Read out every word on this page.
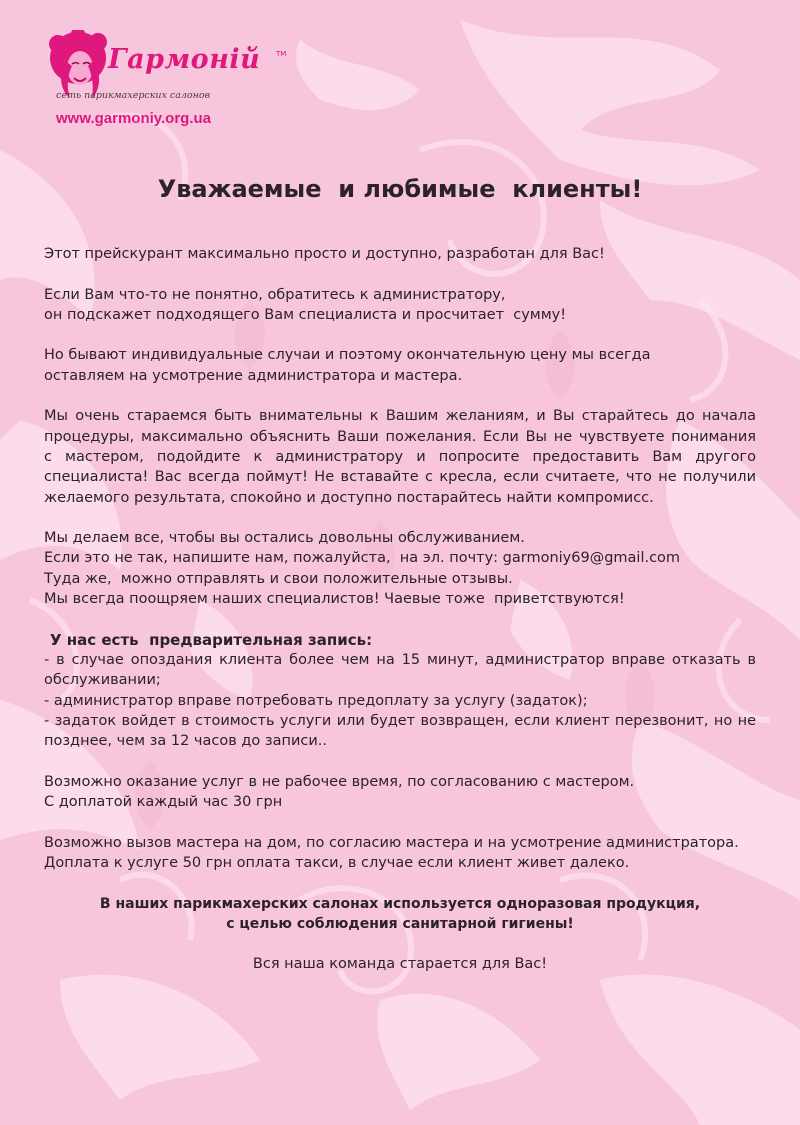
Гармоній TM
сеть парикмахерских салонов
www.garmoniy.org.ua
Уважаемые  и любимые  клиенты!
Этот прейскурант максимально просто и доступно, разработан для Вас!
Если Вам что-то не понятно, обратитесь к администратору,
он подскажет подходящего Вам специалиста и просчитает  сумму!
Но бывают индивидуальные случаи и поэтому окончательную цену мы всегда
оставляем на усмотрение администратора и мастера.
Мы очень стараемся быть внимательны к Вашим желаниям, и Вы старайтесь до начала
процедуры, максимально объяснить Ваши пожелания. Если Вы не чувствуете понимания
с мастером, подойдите к администратору и попросите предоставить Вам другого
специалиста! Вас всегда поймут! Не вставайте с кресла, если считаете, что не получили
желаемого результата, спокойно и доступно постарайтесь найти компромисс.
Мы делаем все, чтобы вы остались довольны обслуживанием.
Если это не так, напишите нам, пожалуйста,  на эл. почту: garmoniy69@gmail.com
Туда же,  можно отправлять и свои положительные отзывы.
Мы всегда поощряем наших специалистов! Чаевые тоже  приветствуются!
У нас есть  предварительная запись:
- в случае опоздания клиента более чем на 15 минут, администратор вправе отказать в
обслуживании;
- администратор вправе потребовать предоплату за услугу (задаток);
- задаток войдет в стоимость услуги или будет возвращен, если клиент перезвонит, но не
позднее, чем за 12 часов до записи..
Возможно оказание услуг в не рабочее время, по согласованию с мастером.
С доплатой каждый час 30 грн
Возможно вызов мастера на дом, по согласию мастера и на усмотрение администратора.
Доплата к услуге 50 грн оплата такси, в случае если клиент живет далеко.
В наших парикмахерских салонах используется одноразовая продукция,
с целью соблюдения санитарной гигиены!
Вся наша команда старается для Вас!
